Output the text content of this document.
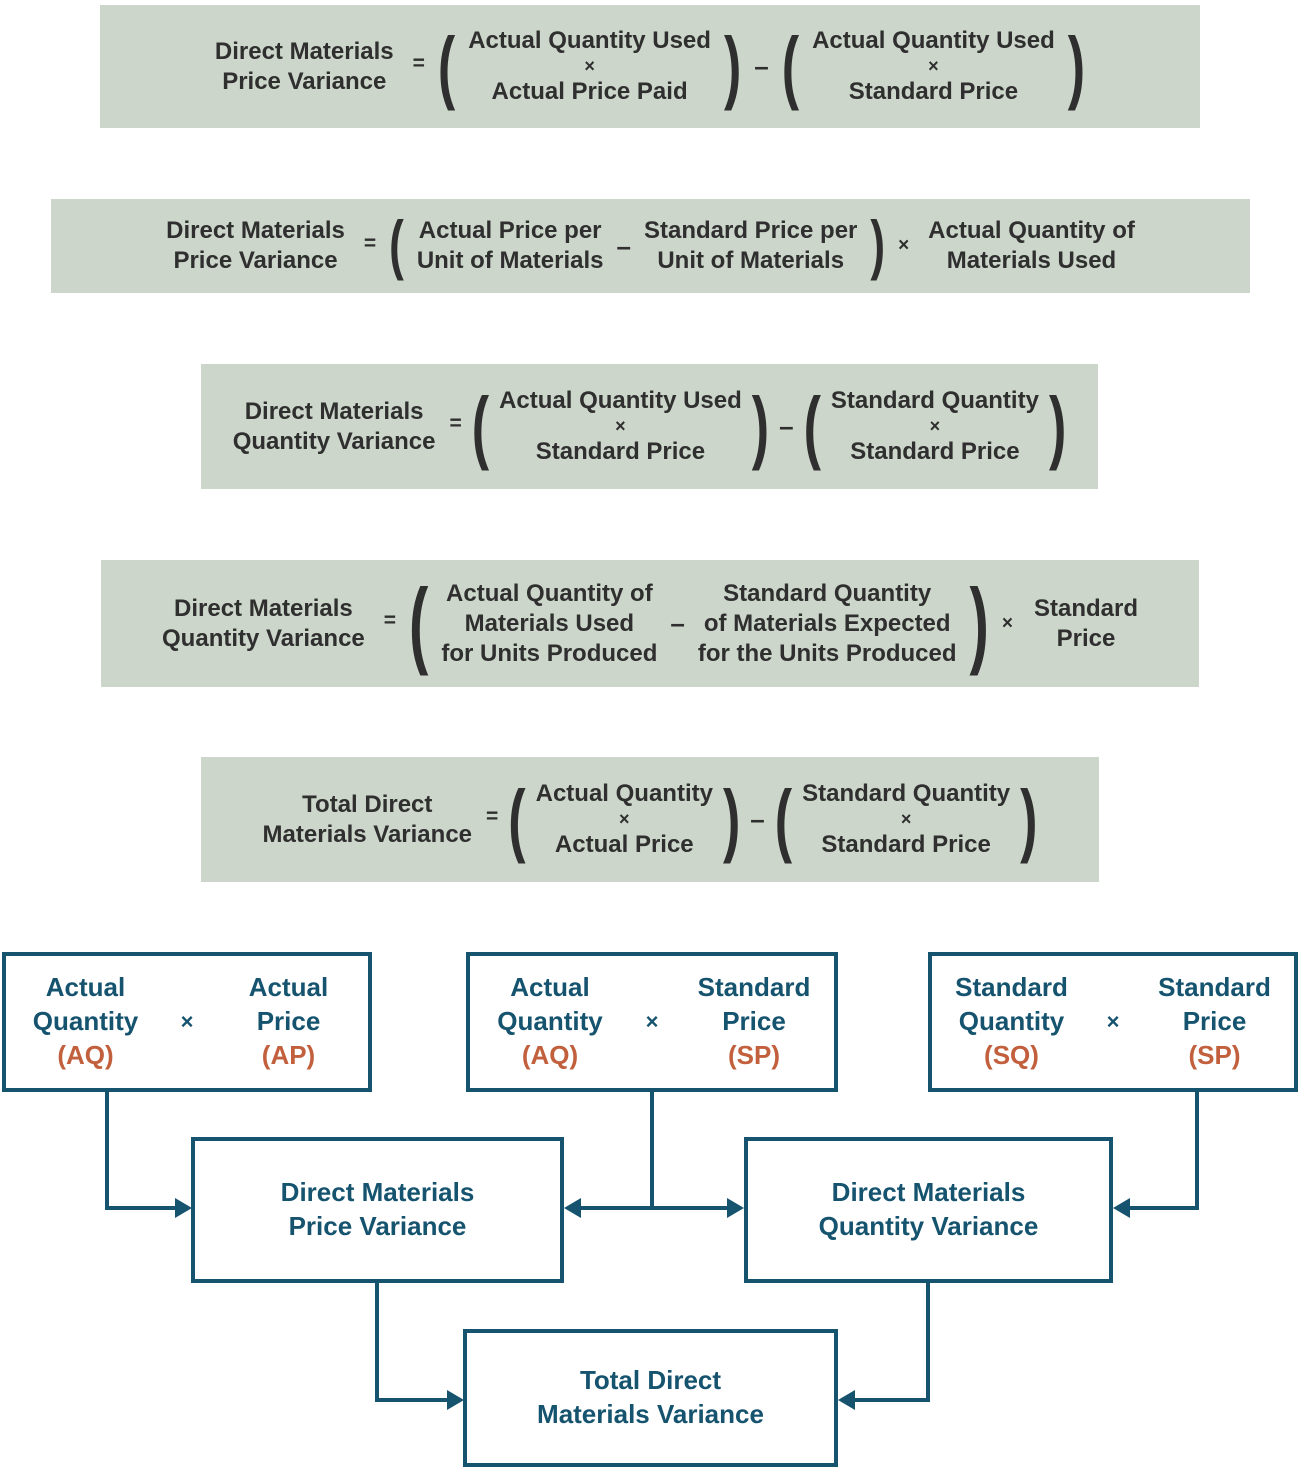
Direct Materials
Price Variance
= ( Actual Quantity Used
×
Actual Price Paid ) – ( Actual Quantity Used
×
Standard Price )
Direct Materials
Price Variance
= ( Actual Price per
Unit of Materials –
Standard Price per
Unit of Materials ) ×
Actual Quantity of
Materials Used
Direct Materials
Quantity Variance
= ( Actual Quantity Used
×
Standard Price ) – ( Standard Quantity
×
Standard Price )
Direct Materials
Quantity Variance
= ( Actual Quantity of
Materials Used
for Units Produced
–
Standard Quantity
of Materials Expected
for the Units Produced ) ×
Standard
Price
Total Direct
Materials Variance
= ( Actual Quantity
×
Actual Price ) – ( Standard Quantity
×
Standard Price )
Actual
Quantity
(AQ)
×
Actual
Price
(AP)
Actual
Quantity
(AQ)
×
Standard
Price
(SP)
Standard
Quantity
(SQ)
×
Standard
Price
(SP)
Direct Materials
Price Variance
Direct Materials
Quantity Variance
Total Direct
Materials Variance
